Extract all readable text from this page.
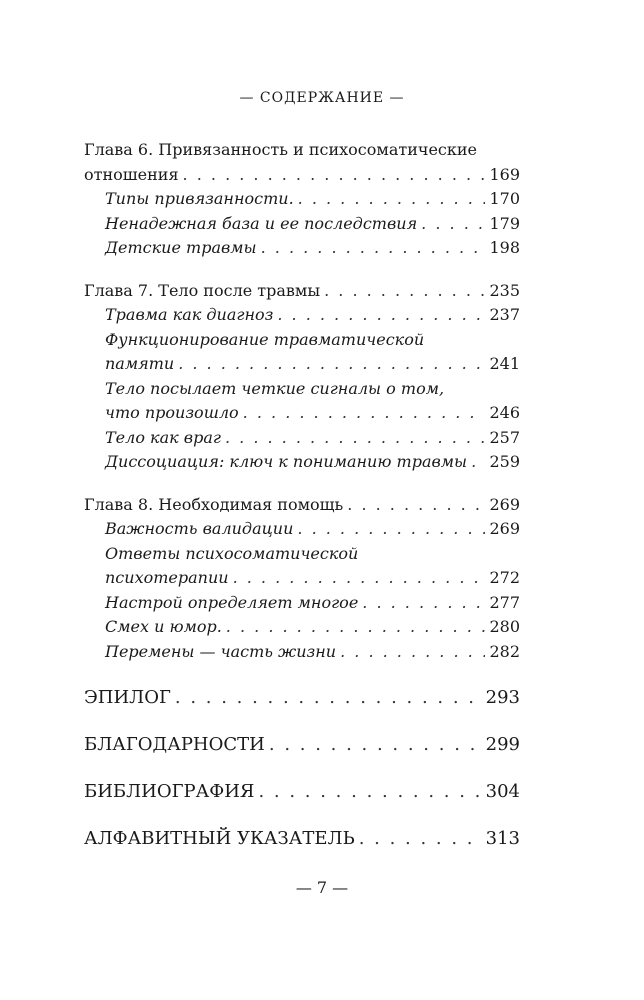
— СОДЕРЖАНИЕ —
Глава 6. Привязанность и психосоматические
отношения . . .	169
Типы привязанности. . . .	170
Ненадежная база и ее последствия . . .	179
Детские травмы . . .	198
Глава 7. Тело после травмы . . .	235
Травма как диагноз . . .	237
Функционирование травматической
памяти . . .	241
Тело посылает четкие сигналы о том,
что произошло . . .	246
Тело как враг . . .	257
Диссоциация: ключ к пониманию травмы . . . 259
Глава 8. Необходимая помощь . . .	269
Важность валидации . . .	269
Ответы психосоматической
психотерапии . . .	272
Настрой определяет многое . . .	277
Смех и юмор. . . .	280
Перемены — часть жизни . . .	282
ЭПИЛОГ . . .	293
БЛАГОДАРНОСТИ . . .	299
БИБЛИОГРАФИЯ . . .	304
АЛФАВИТНЫЙ УКАЗАТЕЛЬ . . .	313
— 7 —
